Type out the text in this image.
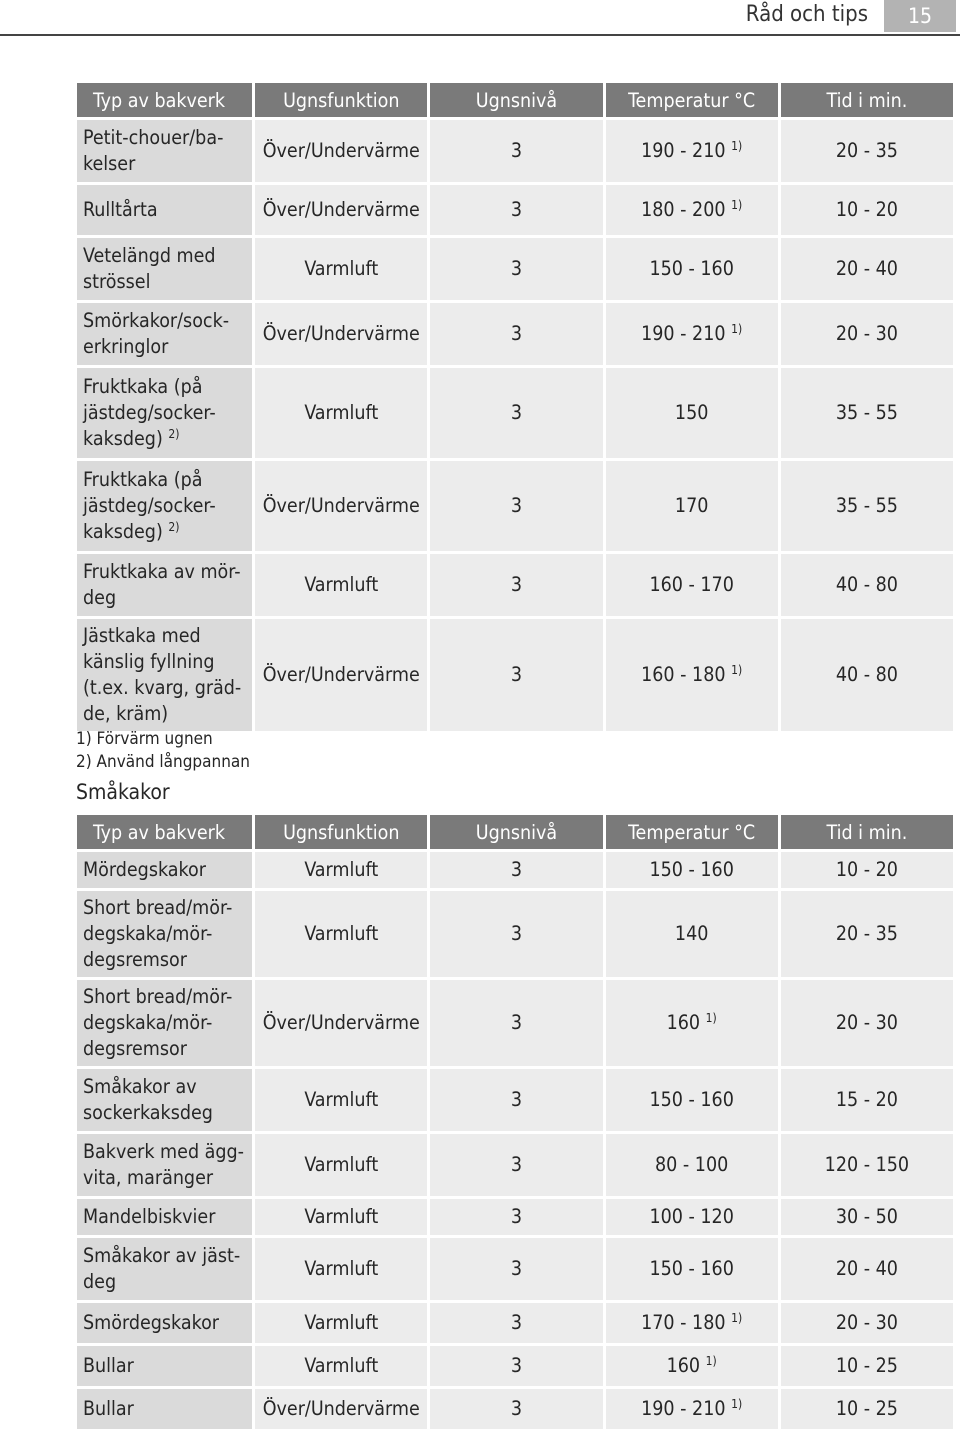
Råd och tips	15
Typ av bakverk	Ugnsfunktion	Ugnsnivå	Temperatur °C	Tid i min.
Petit-chouer/ba-
kelser	Över/Undervärme	3	190 - 210 $^{1)}$	20 - 35
Rulltårta	Över/Undervärme	3	180 - 200 $^{1)}$	10 - 20
Vetelängd med
strössel	Varmluft	3	150 - 160	20 - 40
Smörkakor/sock-
erkringlor	Över/Undervärme	3	190 - 210 $^{1)}$	20 - 30
Fruktkaka (på
jästdeg/socker-
kaksdeg) $^{2)}$	Varmluft	3	150	35 - 55
Fruktkaka (på
jästdeg/socker-
kaksdeg) $^{2)}$	Över/Undervärme	3	170	35 - 55
Fruktkaka av mör-
deg	Varmluft	3	160 - 170	40 - 80
Jästkaka med
känslig fyllning
(t.ex. kvarg, gräd-
de, kräm)	Över/Undervärme	3	160 - 180 $^{1)}$	40 - 80
1) Förvärm ugnen
2) Använd långpannan
Småkakor
Typ av bakverk	Ugnsfunktion	Ugnsnivå	Temperatur °C	Tid i min.
Mördegskakor	Varmluft	3	150 - 160	10 - 20
Short bread/mör-
degskaka/mör-
degsremsor	Varmluft	3	140	20 - 35
Short bread/mör-
degskaka/mör-
degsremsor	Över/Undervärme	3	160 $^{1)}$	20 - 30
Småkakor av
sockerkaksdeg	Varmluft	3	150 - 160	15 - 20
Bakverk med ägg-
vita, maränger	Varmluft	3	80 - 100	120 - 150
Mandelbiskvier	Varmluft	3	100 - 120	30 - 50
Småkakor av jäst-
deg	Varmluft	3	150 - 160	20 - 40
Smördegskakor	Varmluft	3	170 - 180 $^{1)}$	20 - 30
Bullar	Varmluft	3	160 $^{1)}$	10 - 25
Bullar	Över/Undervärme	3	190 - 210 $^{1)}$	10 - 25
